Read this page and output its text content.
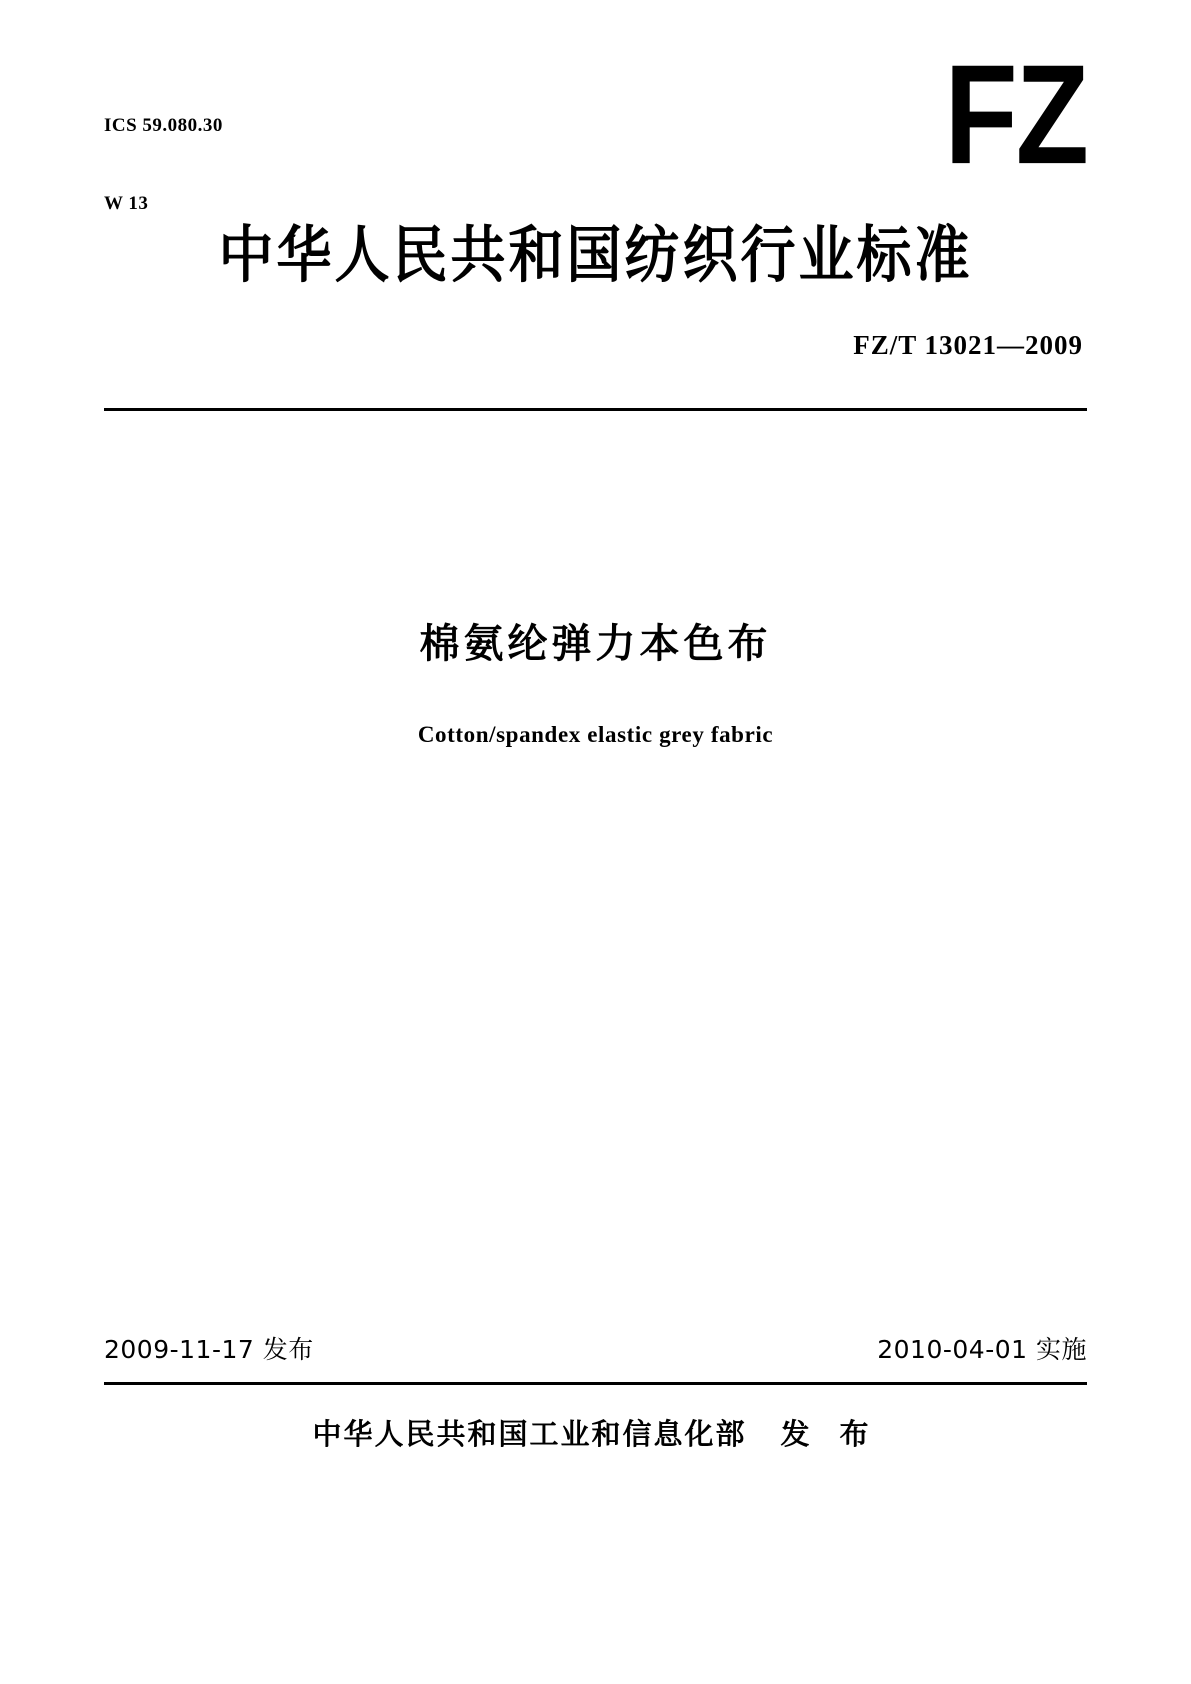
ICS 59.080.30

W 13

FZ
中华人民共和国纺织行业标准
FZ/T 13021—2009
棉氨纶弹力本色布
Cotton/spandex elastic grey fabric
2009-11-17 发布	2010-04-01 实施
中华人民共和国工业和信息化部 发 布
